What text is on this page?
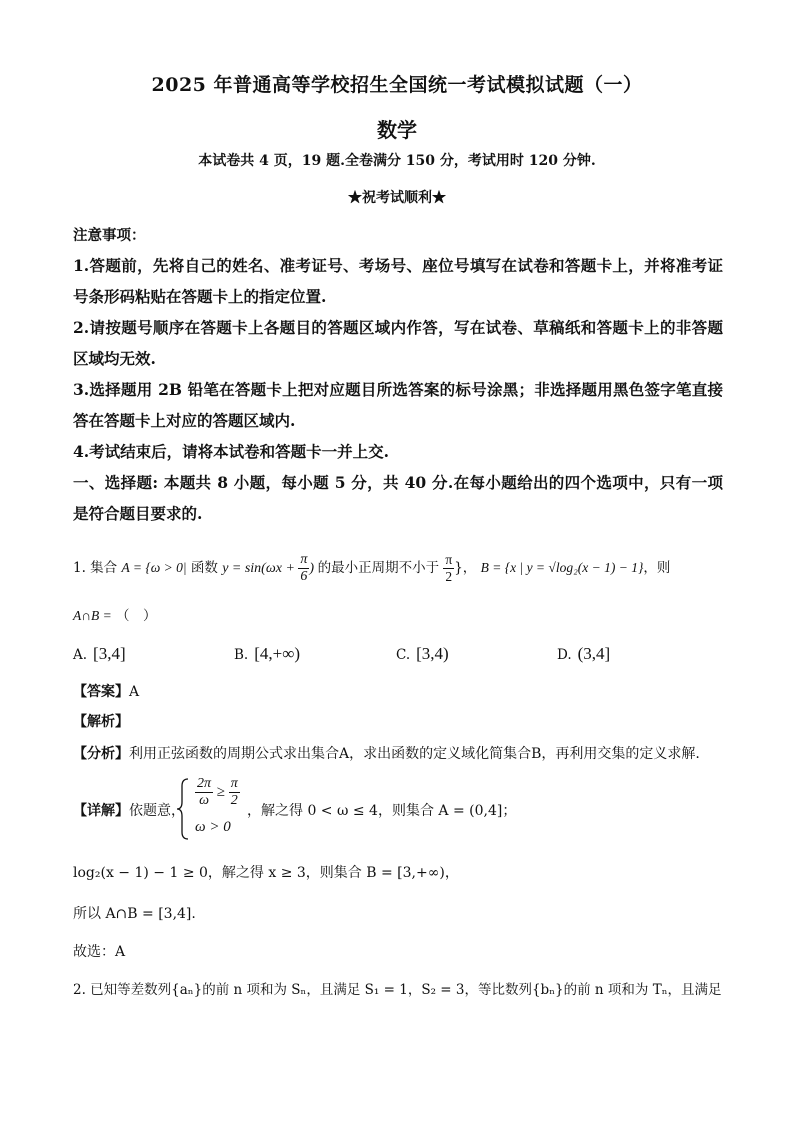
2025 年普通高等学校招生全国统一考试模拟试题（一）
数学
本试卷共 4 页，19 题.全卷满分 150 分，考试用时 120 分钟.
★祝考试顺利★
注意事项：
1.答题前，先将自己的姓名、准考证号、考场号、座位号填写在试卷和答题卡上，并将准考证号条形码粘贴在答题卡上的指定位置.
2.请按题号顺序在答题卡上各题目的答题区域内作答，写在试卷、草稿纸和答题卡上的非答题区域均无效.
3.选择题用 2B 铅笔在答题卡上把对应题目所选答案的标号涂黑；非选择题用黑色签字笔直接答在答题卡上对应的答题区域内.
4.考试结束后，请将本试卷和答题卡一并上交.
一、选择题: 本题共 8 小题，每小题 5 分，共 40 分.在每小题给出的四个选项中，只有一项是符合题目要求的.
1. 集合 A = {ω > 0| 函数 $y = \sin(\omega x + \frac{\pi}{6}$ ) 的最小正周期不小于 $\frac{\pi}{2}$ }， B = {x | y = √log₂(x − 1) − 1}，则
A∩B = （　）
A. [3,4]	B. [4,+∞)	C. [3,4)	D. (3,4]
【答案】A
【解析】
【分析】利用正弦函数的周期公式求出集合A，求出函数的定义域化简集合B，再利用交集的定义求解.
【详解】依题意，
$\frac{2\pi}{\omega} \ge \frac{\pi}{2}$
ω > 0
，解之得 0 < ω ≤ 4，则集合 A = (0,4]；
log₂(x − 1) − 1 ≥ 0，解之得 x ≥ 3，则集合 B = [3,+∞)，
所以 A∩B = [3,4].
故选：A
2. 已知等差数列{aₙ}的前 n 项和为 Sₙ，且满足 S₁ = 1，S₂ = 3，等比数列{bₙ}的前 n 项和为 Tₙ，且满足
